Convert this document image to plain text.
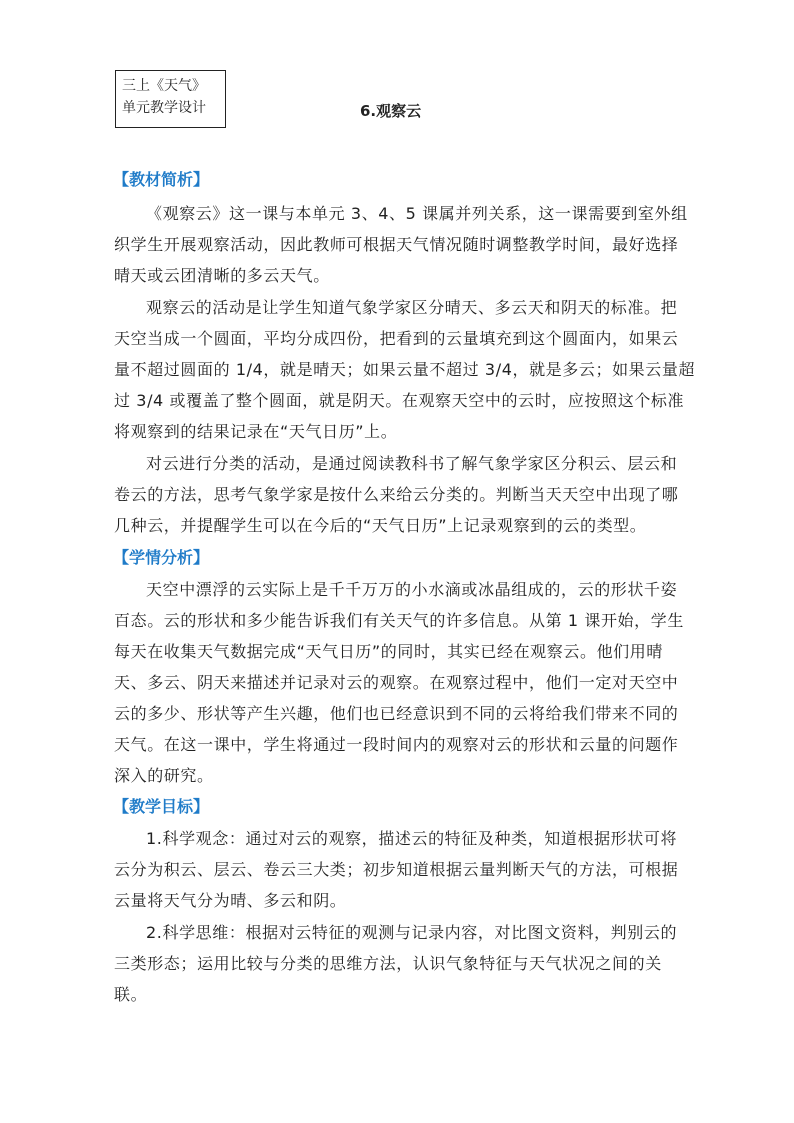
三上《天气》
单元教学设计	6.观察云
【教材简析】
《观察云》这一课与本单元 3、4、5 课属并列关系，这一课需要到室外组
织学生开展观察活动，因此教师可根据天气情况随时调整教学时间，最好选择
晴天或云团清晰的多云天气。
观察云的活动是让学生知道气象学家区分晴天、多云天和阴天的标准。把
天空当成一个圆面，平均分成四份，把看到的云量填充到这个圆面内，如果云
量不超过圆面的 1/4，就是晴天；如果云量不超过 3/4，就是多云；如果云量超
过 3/4 或覆盖了整个圆面，就是阴天。在观察天空中的云时，应按照这个标准
将观察到的结果记录在“天气日历”上。
对云进行分类的活动，是通过阅读教科书了解气象学家区分积云、层云和
卷云的方法，思考气象学家是按什么来给云分类的。判断当天天空中出现了哪
几种云，并提醒学生可以在今后的“天气日历”上记录观察到的云的类型。
【学情分析】
天空中漂浮的云实际上是千千万万的小水滴或冰晶组成的，云的形状千姿
百态。云的形状和多少能告诉我们有关天气的许多信息。从第 1 课开始，学生
每天在收集天气数据完成“天气日历”的同时，其实已经在观察云。他们用晴
天、多云、阴天来描述并记录对云的观察。在观察过程中，他们一定对天空中
云的多少、形状等产生兴趣，他们也已经意识到不同的云将给我们带来不同的
天气。在这一课中，学生将通过一段时间内的观察对云的形状和云量的问题作
深入的研究。
【教学目标】
1.科学观念：通过对云的观察，描述云的特征及种类，知道根据形状可将
云分为积云、层云、卷云三大类；初步知道根据云量判断天气的方法，可根据
云量将天气分为晴、多云和阴。
2.科学思维：根据对云特征的观测与记录内容，对比图文资料，判别云的
三类形态；运用比较与分类的思维方法，认识气象特征与天气状况之间的关
联。
